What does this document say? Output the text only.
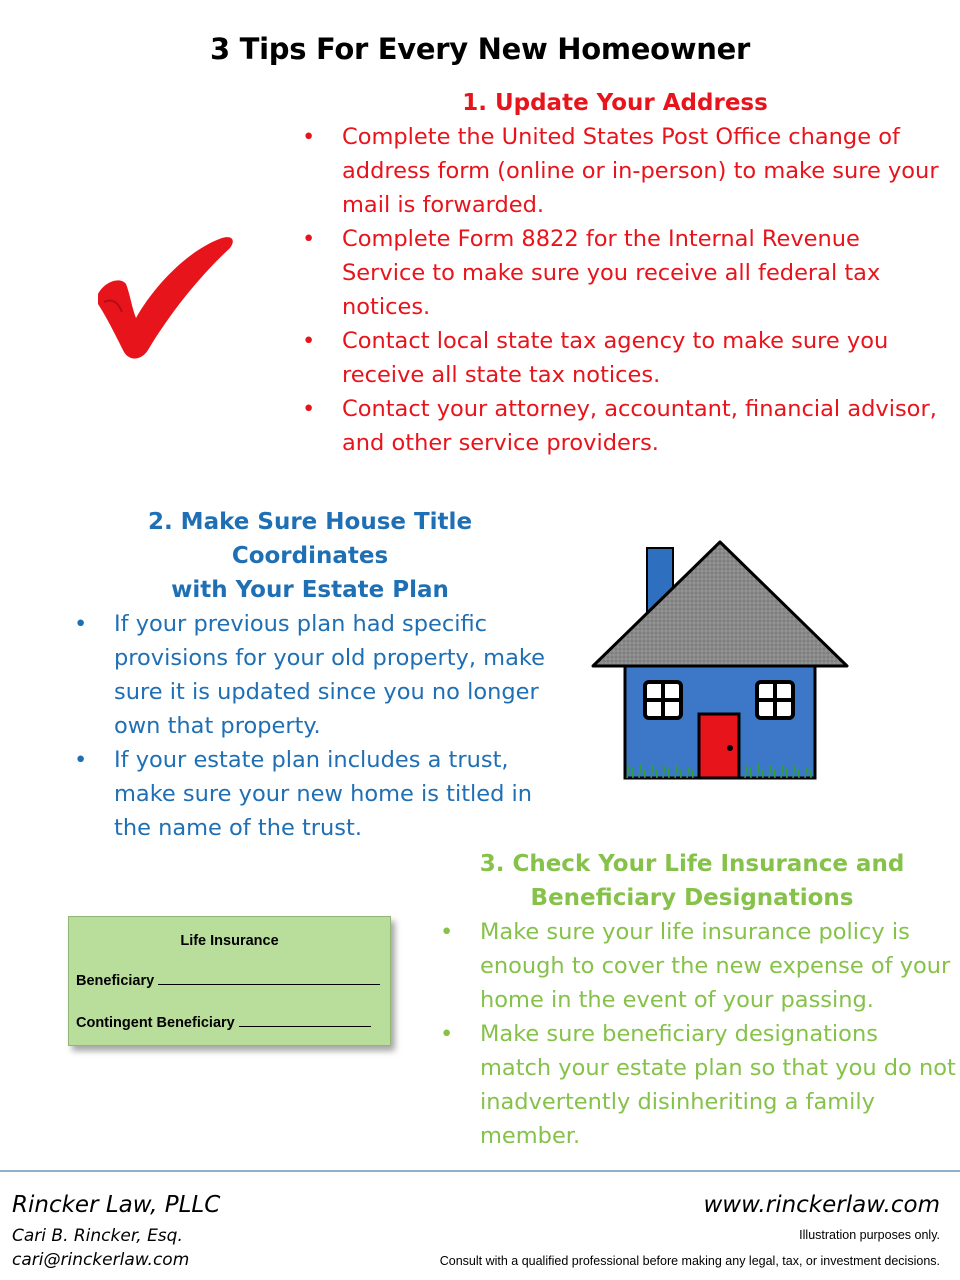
3 Tips For Every New Homeowner
1. Update Your Address
• Complete the United States Post Office change of address form (online or in-person) to make sure your mail is forwarded.
• Complete Form 8822 for the Internal Revenue Service to make sure you receive all federal tax notices.
• Contact local state tax agency to make sure you receive all state tax notices.
• Contact your attorney, accountant, financial advisor, and other service providers.
2. Make Sure House Title Coordinates
with Your Estate Plan
• If your previous plan had specific provisions for your old property, make sure it is updated since you no longer own that property.
• If your estate plan includes a trust, make sure your new home is titled in the name of the trust.
Life Insurance
Beneficiary
Contingent Beneficiary
3. Check Your Life Insurance and
Beneficiary Designations
• Make sure your life insurance policy is enough to cover the new expense of your home in the event of your passing.
• Make sure beneficiary designations match your estate plan so that you do not inadvertently disinheriting a family member.
Rincker Law, PLLC
Cari B. Rincker, Esq.
cari@rinckerlaw.com
www.rinckerlaw.com
Illustration purposes only.
Consult with a qualified professional before making any legal, tax, or investment decisions.
